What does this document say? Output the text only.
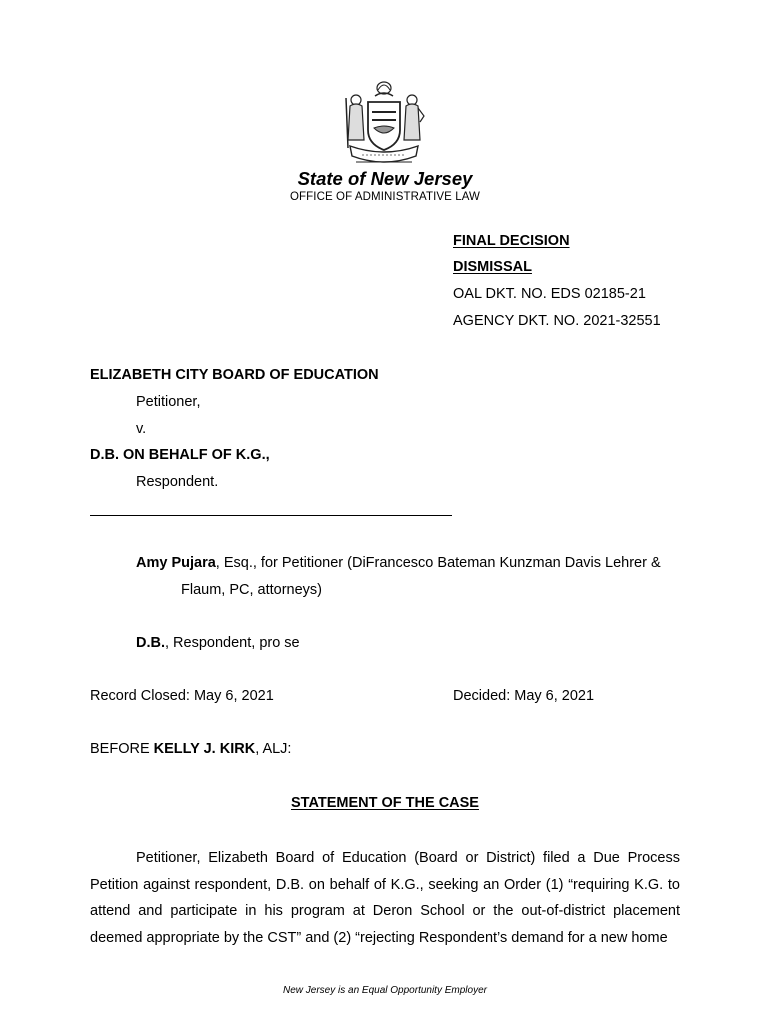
State of New Jersey
OFFICE OF ADMINISTRATIVE LAW
FINAL DECISION
DISMISSAL
OAL DKT. NO. EDS 02185-21
AGENCY DKT. NO. 2021-32551
ELIZABETH CITY BOARD OF EDUCATION
Petitioner,
v.
D.B. ON BEHALF OF K.G.,
Respondent.
Amy Pujara, Esq., for Petitioner (DiFrancesco Bateman Kunzman Davis Lehrer &
Flaum, PC, attorneys)
D.B., Respondent, pro se
Record Closed: May 6, 2021	Decided: May 6, 2021
BEFORE KELLY J. KIRK, ALJ:
STATEMENT OF THE CASE
Petitioner, Elizabeth Board of Education (Board or District) filed a Due Process Petition against respondent, D.B. on behalf of K.G., seeking an Order (1) “requiring K.G. to attend and participate in his program at Deron School or the out-of-district placement deemed appropriate by the CST” and (2) “rejecting Respondent’s demand for a new home
New Jersey is an Equal Opportunity Employer
